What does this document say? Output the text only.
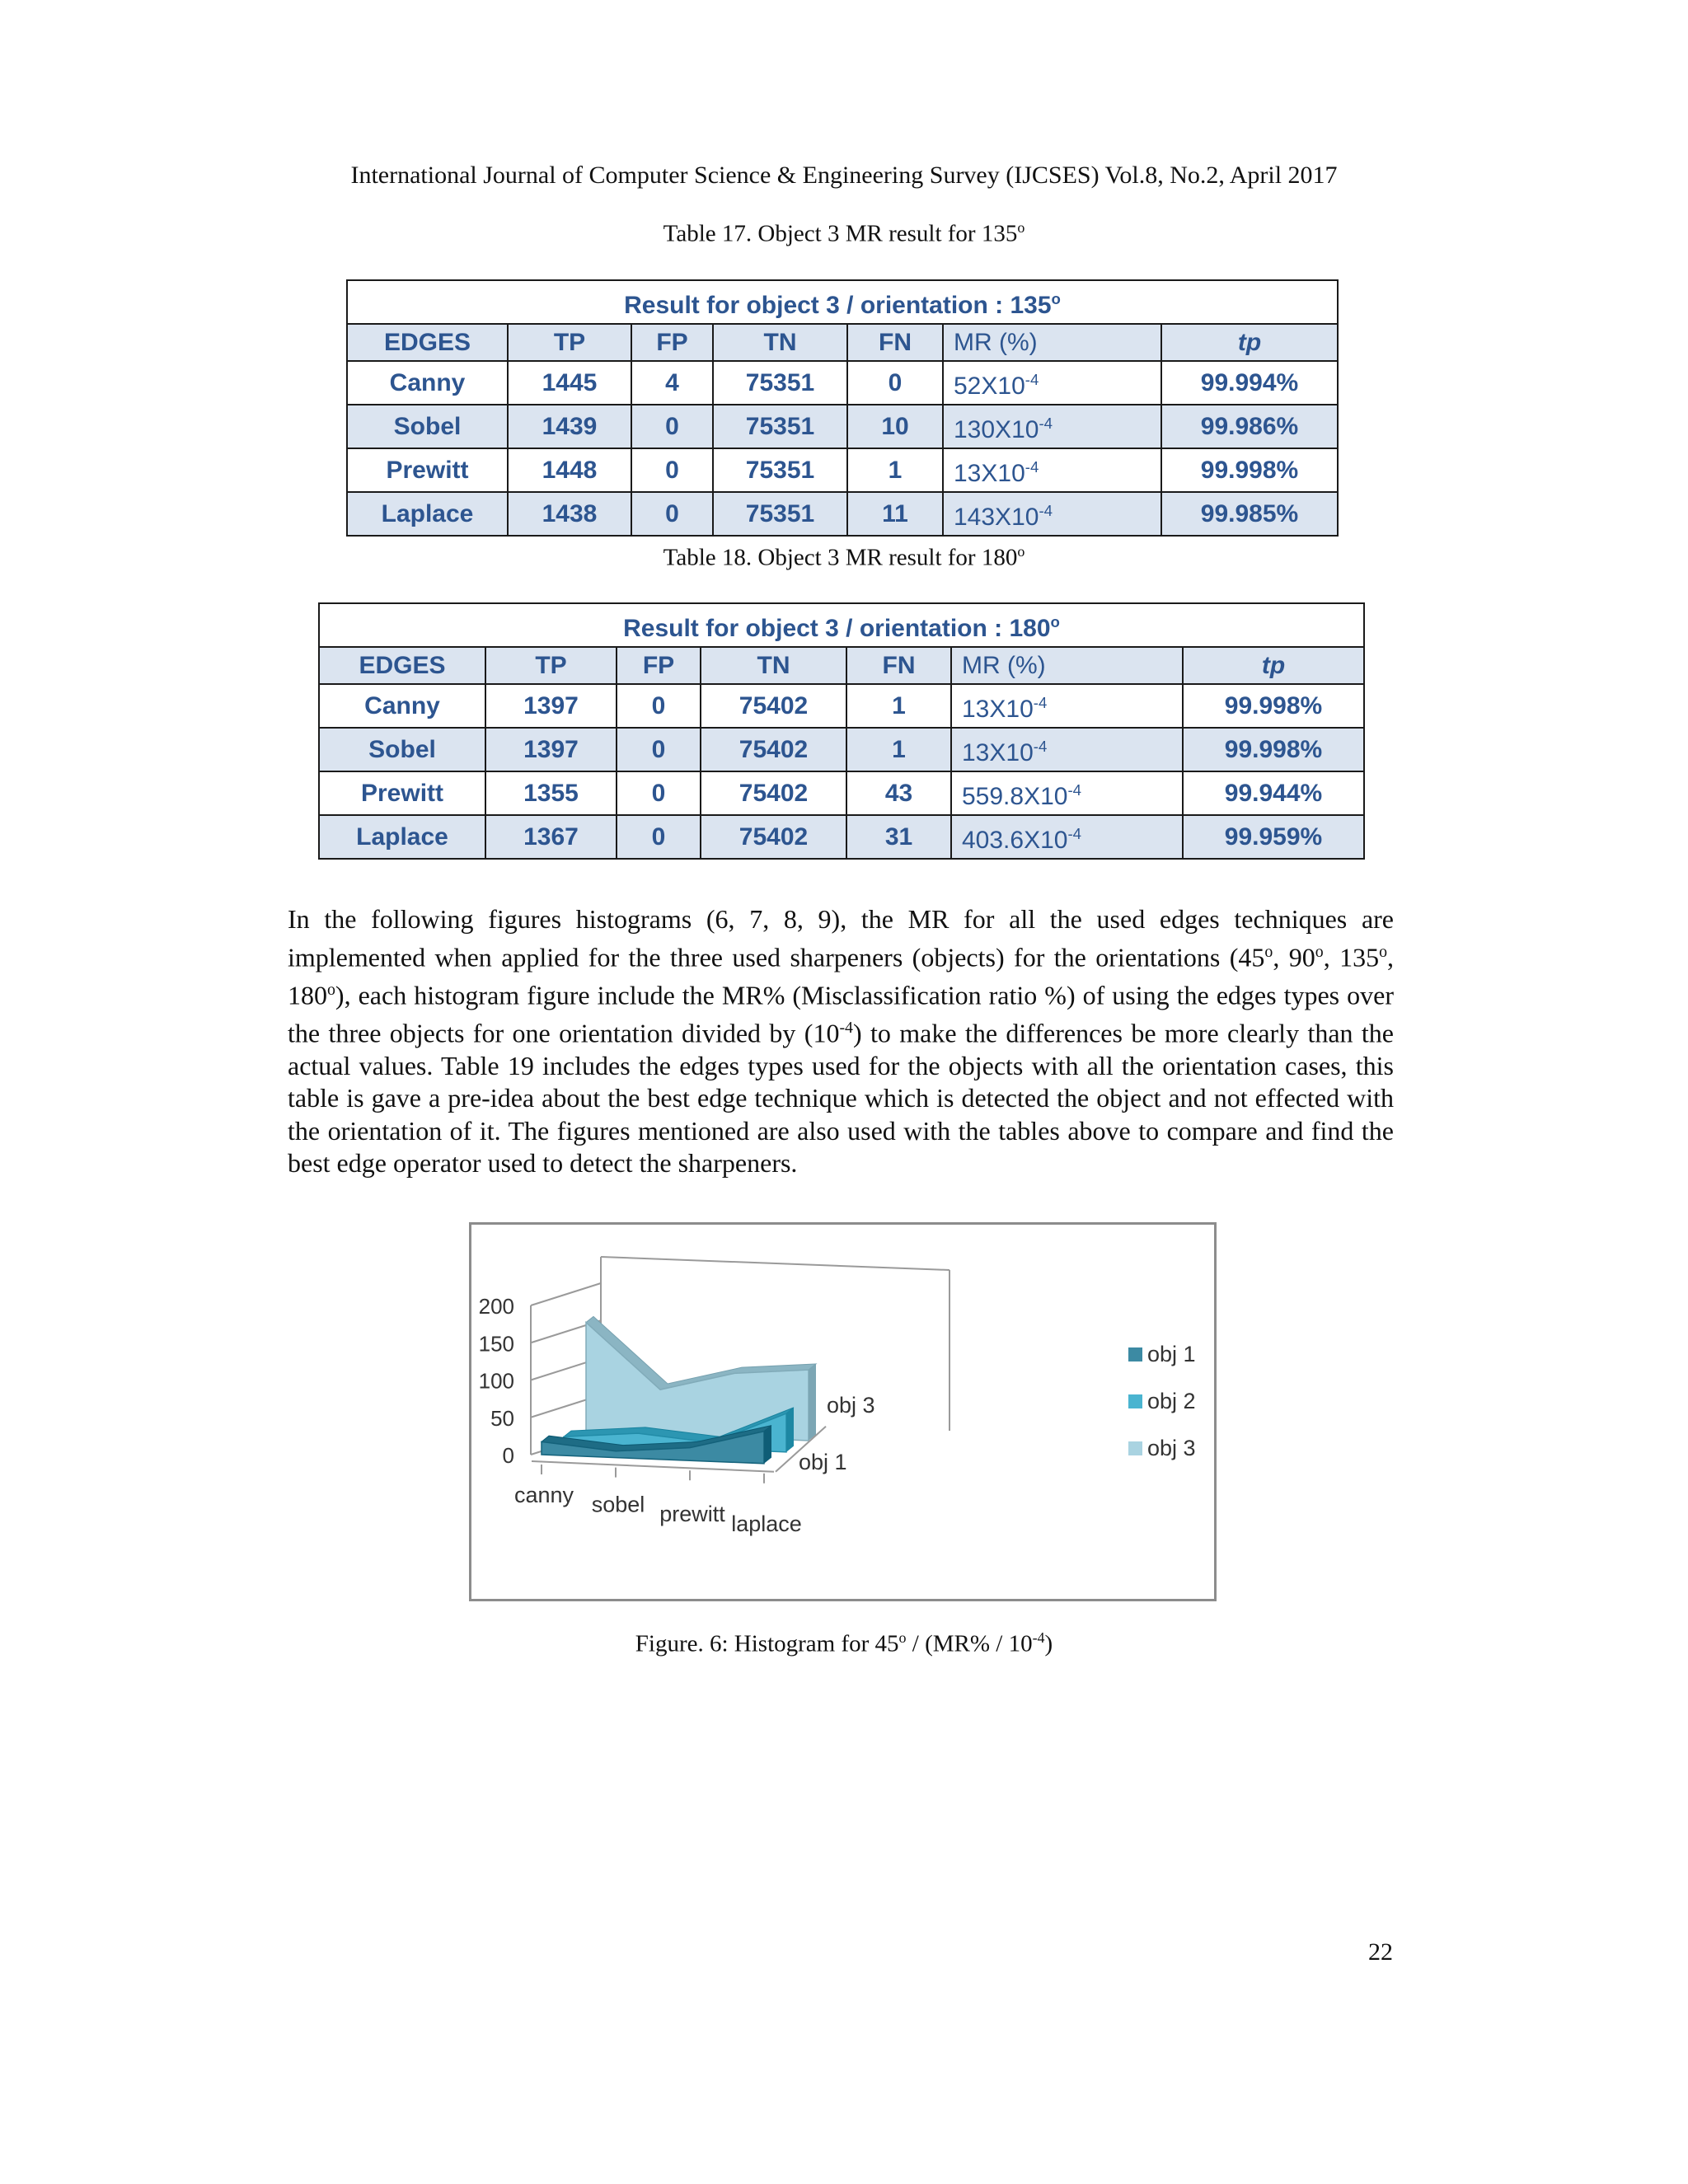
International Journal of Computer Science & Engineering Survey (IJCSES) Vol.8, No.2, April 2017
Table 17. Object 3 MR result for 135$^o$
Result for object 3 / orientation : 135$^o$
EDGES	TP	FP	TN	FN	MR (%)	tp
Canny	1445	4	75351	0	$52X10^{-4}$	99.994%
Sobel	1439	0	75351	10	$130X10^{-4}$	99.986%
Prewitt	1448	0	75351	1	$13X10^{-4}$	99.998%
Laplace	1438	0	75351	11	$143X10^{-4}$	99.985%
Table 18. Object 3 MR result for 180$^o$
Result for object 3 / orientation : 180$^o$
EDGES	TP	FP	TN	FN	MR (%)	tp
Canny	1397	0	75402	1	$13X10^{-4}$	99.998%
Sobel	1397	0	75402	1	$13X10^{-4}$	99.998%
Prewitt	1355	0	75402	43	$559.8X10^{-4}$	99.944%
Laplace	1367	0	75402	31	$403.6X10^{-4}$	99.959%
In the following figures histograms (6, 7, 8, 9), the MR for all the used edges techniques are implemented when applied for the three used sharpeners (objects) for the orientations (45$^o$, 90$^o$, 135$^o$, 180$^o$), each histogram figure include the MR% (Misclassification ratio %) of using the edges types over the three objects for one orientation divided by $(10^{-4})$ to make the differences be more clearly than the actual values. Table 19 includes the edges types used for the objects with all the orientation cases, this table is gave a pre-idea about the best edge technique which is detected the object and not effected with the orientation of it. The figures mentioned are also used with the tables above to compare and find the best edge operator used to detect the sharpeners.
0
50
100
150
200
canny sobel prewitt laplace
obj 1
obj 3
obj 1
obj 2
obj 3
Figure. 6: Histogram for $45^o / (MR\% / 10^{-4})$
22
